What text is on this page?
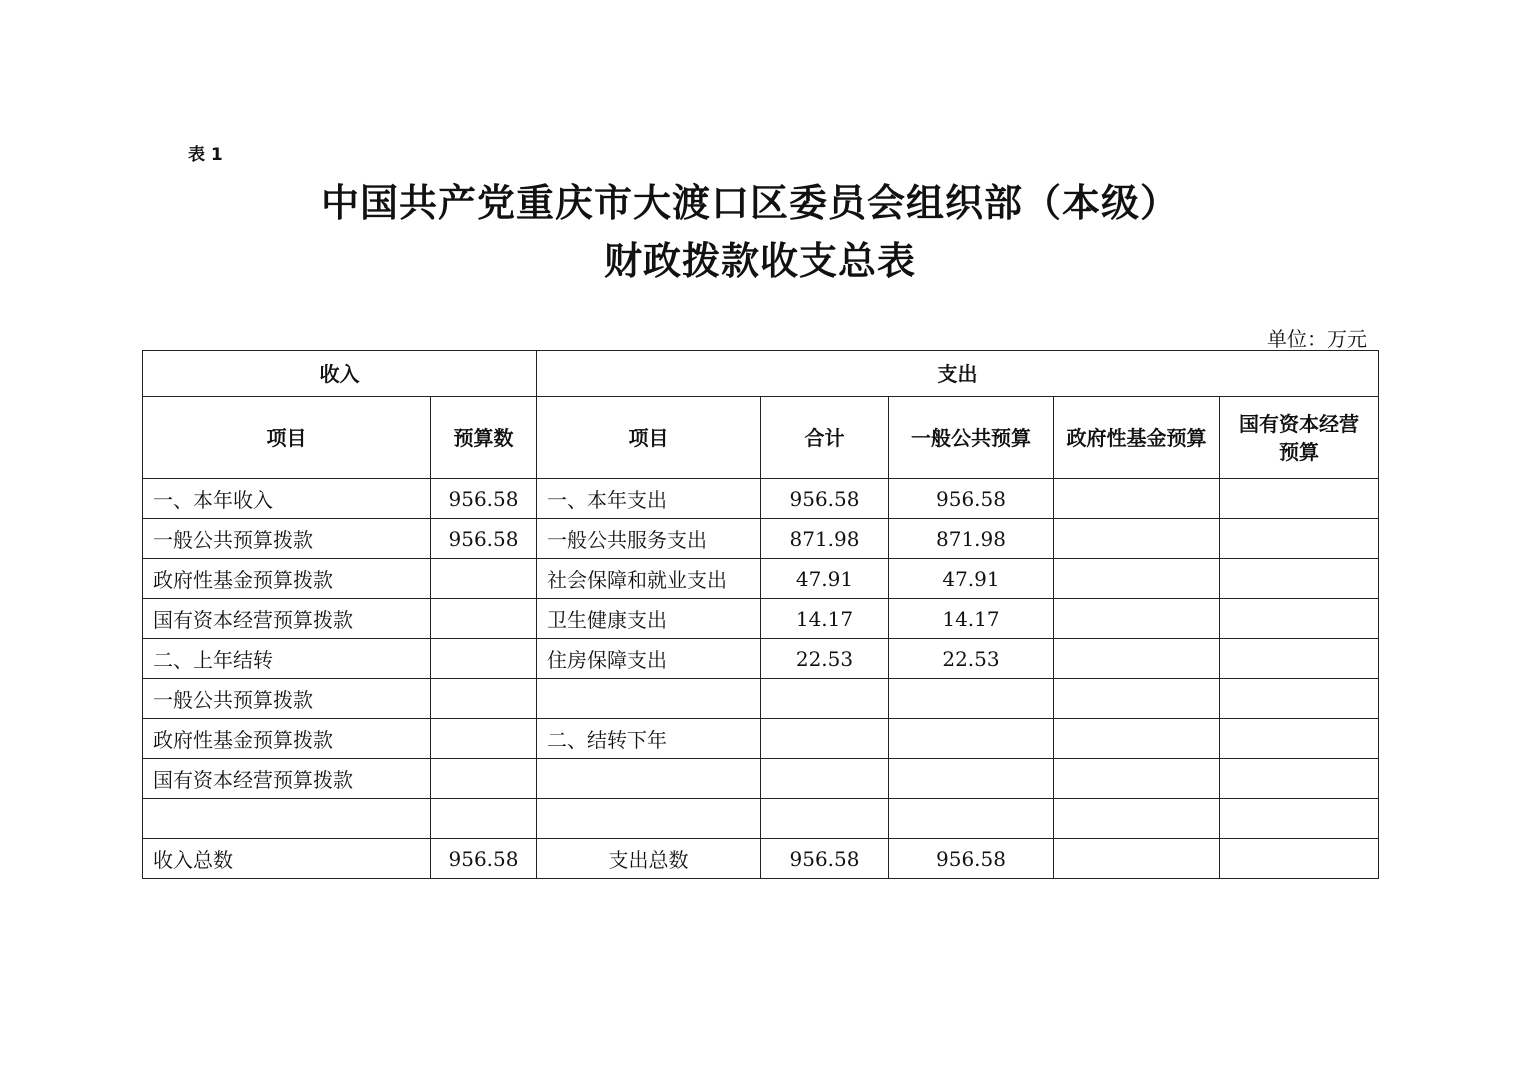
表 1
中国共产党重庆市大渡口区委员会组织部（本级）
财政拨款收支总表
单位：万元
收入		支出				
项目	预算数	项目	合计	一般公共预算	政府性基金预算	国有资本经营预算
一、本年收入	956.58	一、本年支出	956.58	956.58		
一般公共预算拨款	956.58	一般公共服务支出	871.98	871.98		
政府性基金预算拨款		社会保障和就业支出	47.91	47.91		
国有资本经营预算拨款		卫生健康支出	14.17	14.17		
二、上年结转		住房保障支出	22.53	22.53		
一般公共预算拨款						
政府性基金预算拨款		二、结转下年				
国有资本经营预算拨款						

收入总数	956.58	支出总数	956.58	956.58		
